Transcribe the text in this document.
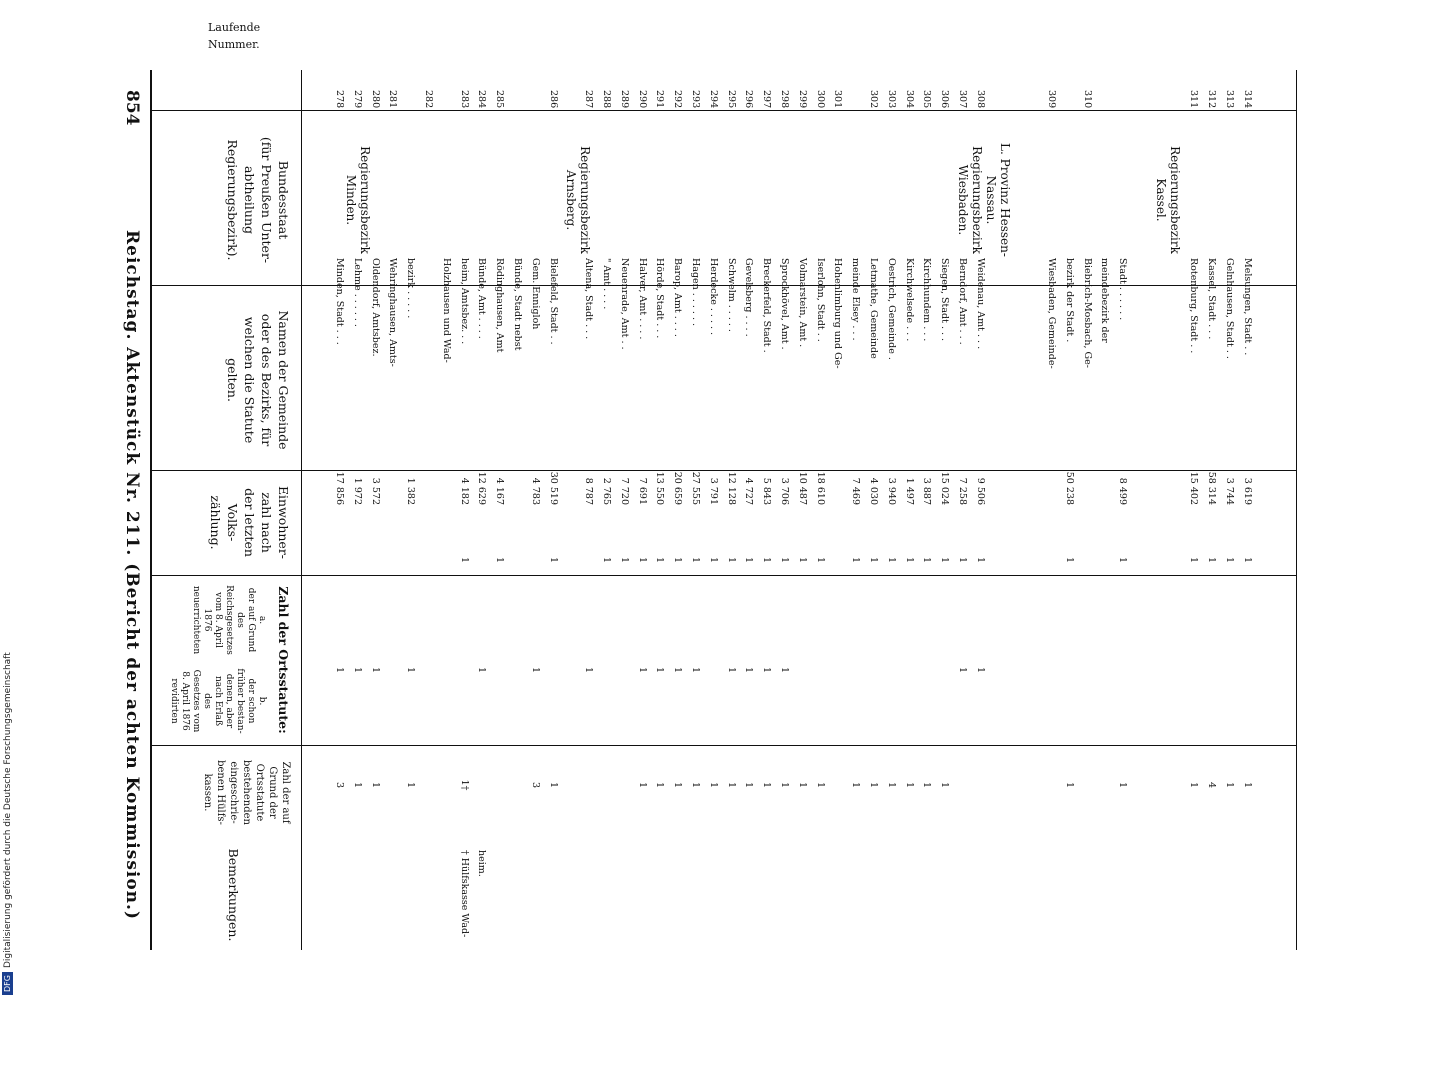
854
Reichstag. Aktenstück Nr. 211. (Bericht der achten Kommission.)
Laufende Nummer.
Bundesstaat
(für Preußen Unter-
abtheilung
Regierungsbezirk).
Namen der Gemeinde
oder des Bezirks, für
welchen die Statute
gelten.
Einwohner-
zahl nach
der letzten
Volks-
zählung.
Zahl der Ortsstatute:
a.
der auf Grund
des
Reichsgesetzes
vom 8. April
1876
neuerrichteten
b.
der schon
früher bestan-
denen, aber
nach Erlaß
des
Gesetzes vom
8. April 1876
revidirten
Zahl der auf
Grund der
Ortsstatute
bestehenden
eingeschrie-
benen Hülfs-
kassen.
Bemerkungen.
Regierungsbezirk
Minden.	Regierungsbezirk
Arnsberg.
L. Provinz Hessen-
Nassau.
Regierungsbezirk
Wiesbaden.	Regierungsbezirk
Kassel.
278
Minden, Stadt . . .
17 856
1
3
279
Lehme . . . . . .
1 972
1
1
280
Oldendorf, Amtsbez.
3 572
1
1
281
Wehringhausen, Amts- bezirk . . . . .
1 382
1
1
282
Holzhausen und Wad-
283
heim, Amtsbez. . .
4 182
1
1†
† Hülfskasse Wad-
284
Bünde, Amt . . . .
12 629
1
heim.
285
Rödinghausen, Amt
4 167
1
Bünde, Stadt nebst Gem. Ennigloh
4 783
1
3
286
Bielefeld, Stadt . .
30 519
1
1
287
Altena, Stadt . . .
8 787
1
288
" Amt . . . .
2 765
1
289
Neuenrade, Amt . .
7 720
1
290
Halver, Amt . . . .
7 691
1
1
1
291
Hörde, Stadt . . .
13 550
1
1
1
292
Barop, Amt . . . .
20 659
1
1
1
293
Hagen . . . . . .
27 555
1
1
1
294
Herdecke . . . . .
3 791
1
1
295
Schwelm . . . . .
12 128
1
1
1
296
Gevelsberg . . . .
4 727
1
1
1
297
Breckerfeld, Stadt .
5 843
1
1
1
298
Sprockhövel, Amt .
3 706
1
1
1
299
Volmarstein, Amt .
10 487
1
1
300
Iserlohn, Stadt . .
18 610
1
1
301
Hohenlimburg und Ge- meinde Elsey . . .
7 469
1
1
302
Letmathe, Gemeinde
4 030
1
1
303
Oestrich, Gemeinde .
3 940
1
1
304
Kirchwelsede . . .
1 497
1
1
305
Kirchhundem . . .
3 887
1
1
306
Siegen, Stadt . . .
15 024
1
1
307
Berndorf, Amt . . .
7 258
1
1
308
Weidenau, Amt . . .
9 506
1
1
309
Wiesbaden, Gemeinde- bezirk der Stadt .
50 238
1
1
310
Biebrich-Mosbach, Ge- meindebezirk der Stadt . . . . . .
8 499
1
1
311
Rotenburg, Stadt . .
15 402
1
1
312
Kassel, Stadt . . .
58 314
1
4
313
Gelnhausen, Stadt . .
3 744
1
1
314
Melsungen, Stadt . .
3 619
1
1
DFGDigitalisierung gefördert durch die Deutsche Forschungsgemeinschaft
